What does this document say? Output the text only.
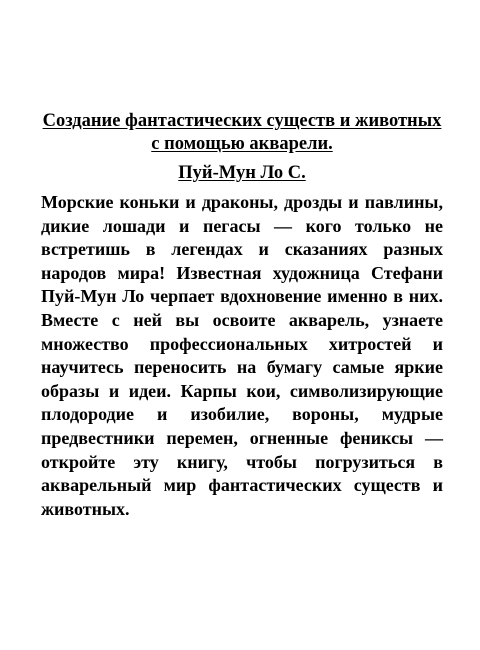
Создание фантастических существ и животных с помощью акварели.

Пуй-Мун Ло С.

Морские коньки и драконы, дрозды и павлины, дикие лошади и пегасы — кого только не встретишь в легендах и сказаниях разных народов мира! Известная художница Стефани Пуй-Мун Ло черпает вдохновение именно в них. Вместе с ней вы освоите акварель, узнаете множество профессиональных хитростей и научитесь переносить на бумагу самые яркие образы и идеи. Карпы кои, символизирующие плодородие и изобилие, вороны, мудрые предвестники перемен, огненные фениксы — откройте эту книгу, чтобы погрузиться в акварельный мир фантастических существ и животных.
